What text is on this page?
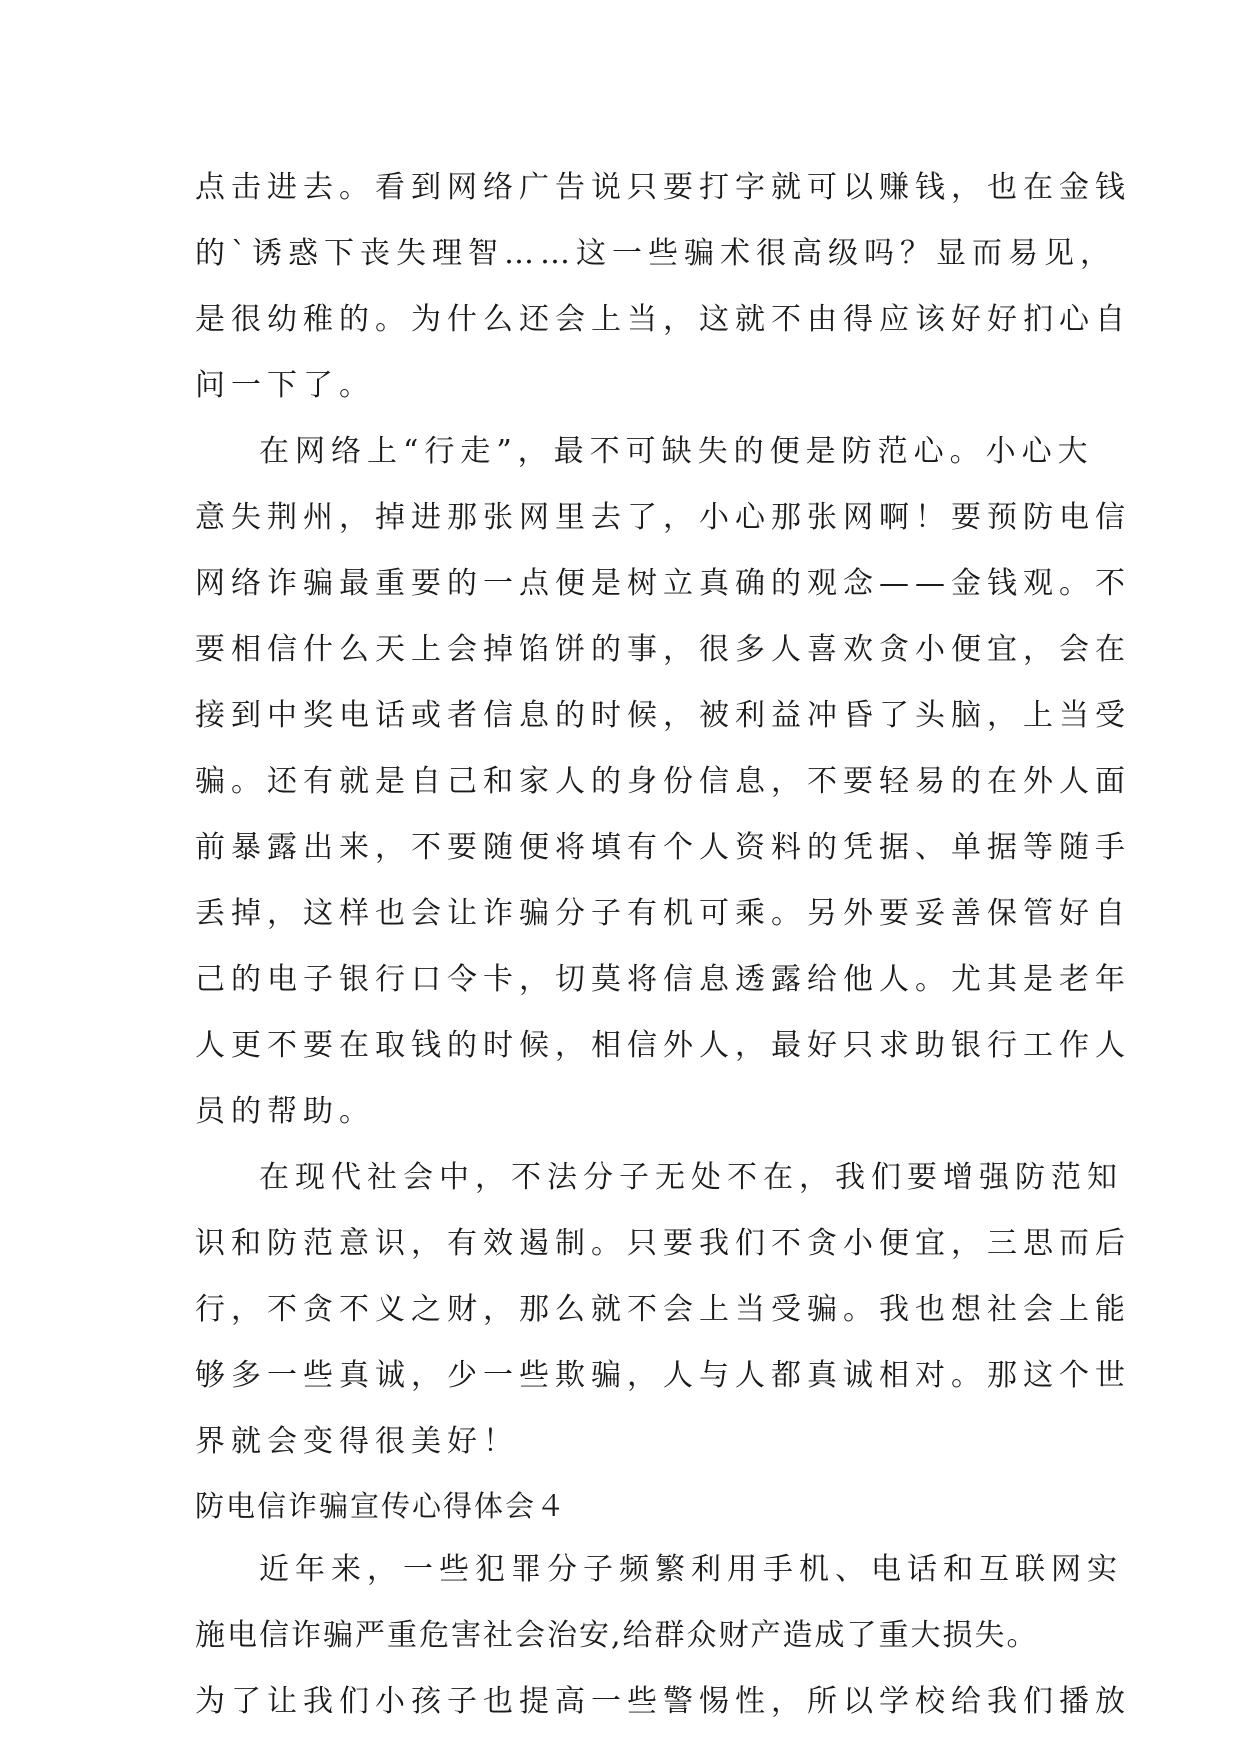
点击进去。看到网络广告说只要打字就可以赚钱，也在金钱
的`诱惑下丧失理智……这一些骗术很高级吗？显而易见，
是很幼稚的。为什么还会上当，这就不由得应该好好扪心自
问一下了。
在网络上“行走”，最不可缺失的便是防范心。小心大
意失荆州，掉进那张网里去了，小心那张网啊！要预防电信
网络诈骗最重要的一点便是树立真确的观念——金钱观。不
要相信什么天上会掉馅饼的事，很多人喜欢贪小便宜，会在
接到中奖电话或者信息的时候，被利益冲昏了头脑，上当受
骗。还有就是自己和家人的身份信息，不要轻易的在外人面
前暴露出来，不要随便将填有个人资料的凭据、单据等随手
丢掉，这样也会让诈骗分子有机可乘。另外要妥善保管好自
己的电子银行口令卡，切莫将信息透露给他人。尤其是老年
人更不要在取钱的时候，相信外人，最好只求助银行工作人
员的帮助。
在现代社会中，不法分子无处不在，我们要增强防范知
识和防范意识，有效遏制。只要我们不贪小便宜，三思而后
行，不贪不义之财，那么就不会上当受骗。我也想社会上能
够多一些真诚，少一些欺骗，人与人都真诚相对。那这个世
界就会变得很美好！
防电信诈骗宣传心得体会４
近年来，一些犯罪分子频繁利用手机、电话和互联网实
施电信诈骗严重危害社会治安,给群众财产造成了重大损失。
为了让我们小孩子也提高一些警惕性，所以学校给我们播放
